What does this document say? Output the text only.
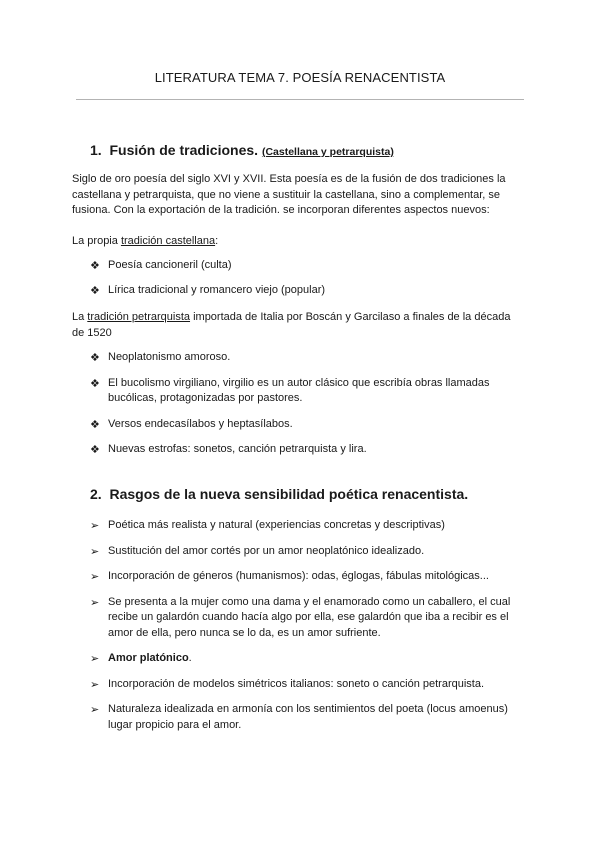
LITERATURA TEMA 7. POESÍA RENACENTISTA
1. Fusión de tradiciones. (Castellana y petrarquista)

Siglo de oro poesía del siglo XVI y XVII. Esta poesía es de la fusión de dos tradiciones la castellana y petrarquista, que no viene a sustituir la castellana, sino a complementar, se fusiona. Con la exportación de la tradición. se incorporan diferentes aspectos nuevos:

La propia tradición castellana:

❖ Poesía cancioneril (culta)
❖ Lírica tradicional y romancero viejo (popular)

La tradición petrarquista importada de Italia por Boscán y Garcilaso a finales de la década de 1520

❖ Neoplatonismo amoroso.
❖ El bucolismo virgiliano, virgilio es un autor clásico que escribía obras llamadas bucólicas, protagonizadas por pastores.
❖ Versos endecasílabos y heptasílabos.
❖ Nuevas estrofas: sonetos, canción petrarquista y lira.
2. Rasgos de la nueva sensibilidad poética renacentista.
➢ Poética más realista y natural (experiencias concretas y descriptivas)
➢ Sustitución del amor cortés por un amor neoplatónico idealizado.
➢ Incorporación de géneros (humanismos): odas, églogas, fábulas mitológicas...
➢ Se presenta a la mujer como una dama y el enamorado como un caballero, el cual recibe un galardón cuando hacía algo por ella, ese galardón que iba a recibir es el amor de ella, pero nunca se lo da, es un amor sufriente.
➢ Amor platónico.
➢ Incorporación de modelos simétricos italianos: soneto o canción petrarquista.
➢ Naturaleza idealizada en armonía con los sentimientos del poeta (locus amoenus) lugar propicio para el amor.
